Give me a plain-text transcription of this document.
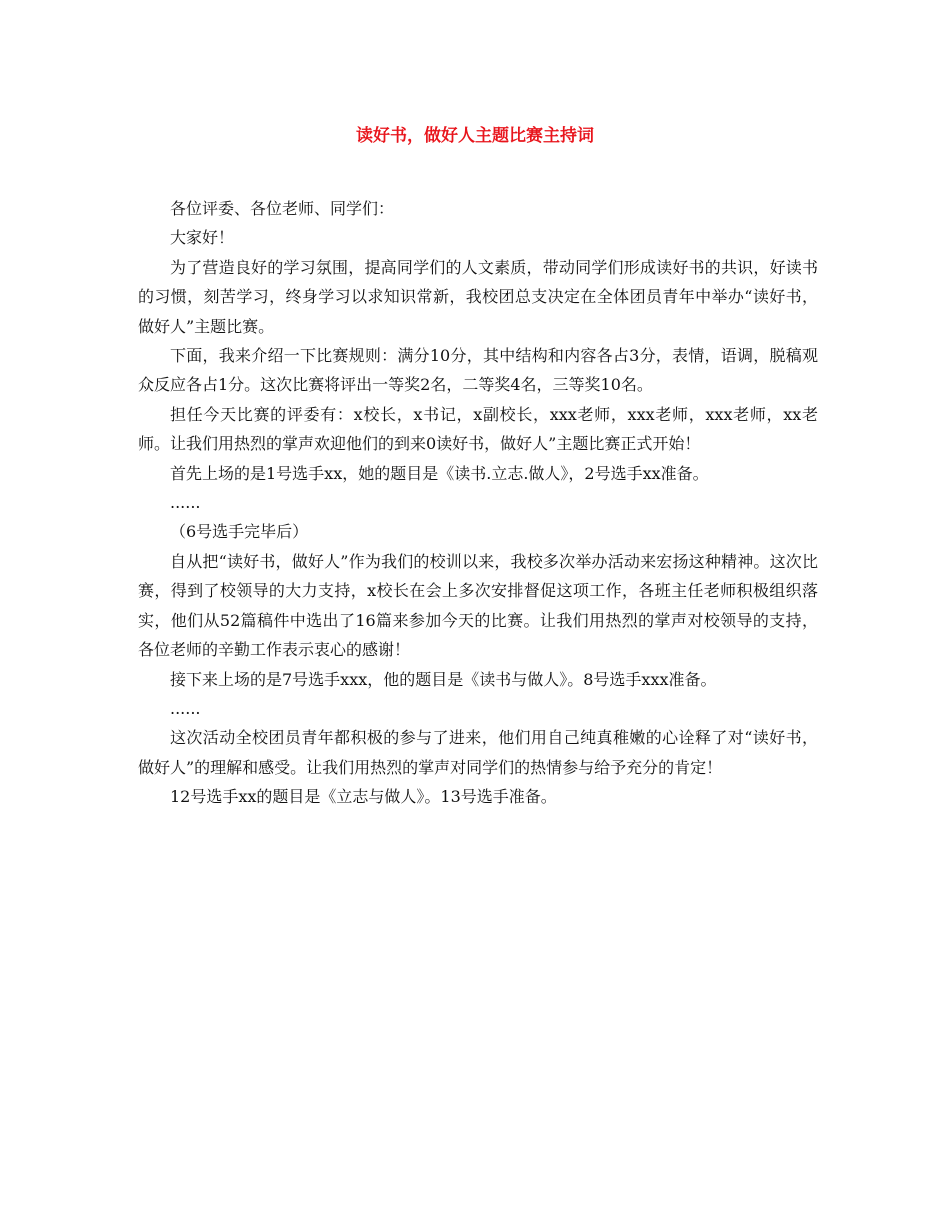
读好书，做好人主题比赛主持词

各位评委、各位老师、同学们：

大家好！

为了营造良好的学习氛围，提高同学们的人文素质，带动同学们形成读好书的共识，好读书的习惯，刻苦学习，终身学习以求知识常新，我校团总支决定在全体团员青年中举办“读好书，做好人”主题比赛。

下面，我来介绍一下比赛规则：满分10分，其中结构和内容各占3分，表情，语调，脱稿观众反应各占1分。这次比赛将评出一等奖2名，二等奖4名，三等奖10名。

担任今天比赛的评委有：x校长，x书记，x副校长，xxx老师，xxx老师，xxx老师，xx老师。让我们用热烈的掌声欢迎他们的到来0读好书，做好人”主题比赛正式开始！

首先上场的是1号选手xx，她的题目是《读书.立志.做人》，2号选手xx准备。

......

（6号选手完毕后）

自从把“读好书，做好人”作为我们的校训以来，我校多次举办活动来宏扬这种精神。这次比赛，得到了校领导的大力支持，x校长在会上多次安排督促这项工作，各班主任老师积极组织落实，他们从52篇稿件中选出了16篇来参加今天的比赛。让我们用热烈的掌声对校领导的支持，各位老师的辛勤工作表示衷心的感谢！

接下来上场的是7号选手xxx，他的题目是《读书与做人》。8号选手xxx准备。

......

这次活动全校团员青年都积极的参与了进来，他们用自己纯真稚嫩的心诠释了对“读好书，做好人”的理解和感受。让我们用热烈的掌声对同学们的热情参与给予充分的肯定！

12号选手xx的题目是《立志与做人》。13号选手准备。
